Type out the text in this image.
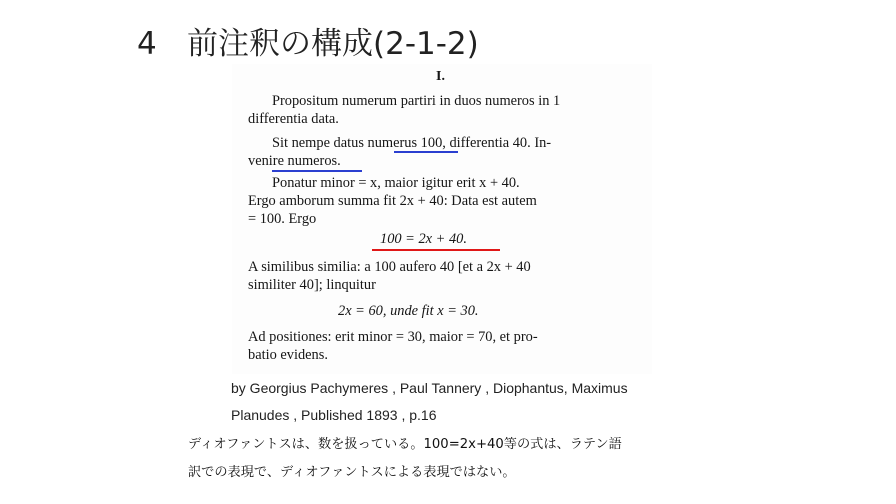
4 前注釈の構成(2-1-2)
I.
Propositum numerum partiri in duos numeros in 1
differentia data.
Sit nempe datus numerus 100, differentia 40. In-
venire numeros.
Ponatur minor = x, maior igitur erit x + 40.
Ergo amborum summa fit 2x + 40: Data est autem
= 100. Ergo
100 = 2x + 40.
A similibus similia: a 100 aufero 40 [et a 2x + 40
similiter 40]; linquitur
2x = 60, unde fit x = 30.
Ad positiones: erit minor = 30, maior = 70, et pro-
batio evidens.
by Georgius Pachymeres , Paul Tannery , Diophantus, Maximus
Planudes , Published 1893 , p.16
ディオファントスは、数を扱っている。100=2x+40等の式は、ラテン語
訳での表現で、ディオファントスによる表現ではない。
